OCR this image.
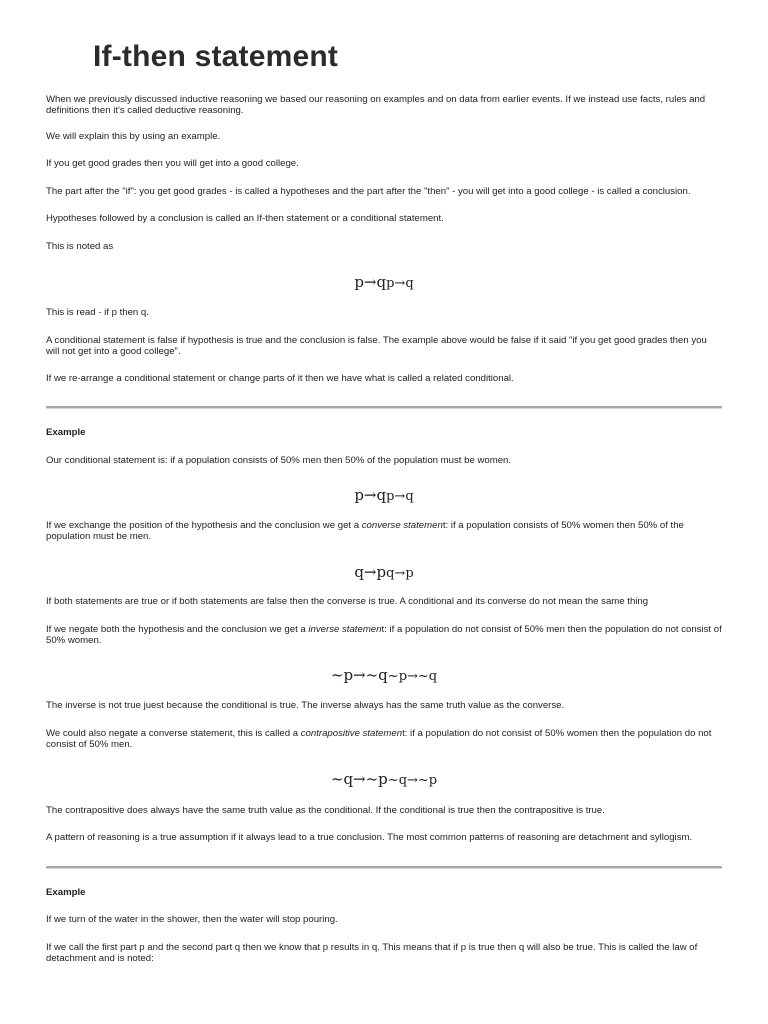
If-then statement

When we previously discussed inductive reasoning we based our reasoning on examples and on data from earlier events. If we instead use facts, rules and definitions then it's called deductive reasoning.

We will explain this by using an example.

If you get good grades then you will get into a good college.

The part after the "if": you get good grades - is called a hypotheses and the part after the "then" - you will get into a good college - is called a conclusion.

Hypotheses followed by a conclusion is called an If-then statement or a conditional statement.

This is noted as

p→qp→q

This is read - if p then q.

A conditional statement is false if hypothesis is true and the conclusion is false. The example above would be false if it said "if you get good grades then you will not get into a good college".

If we re-arrange a conditional statement or change parts of it then we have what is called a related conditional.

Example

Our conditional statement is: if a population consists of 50% men then 50% of the population must be women.

p→qp→q

If we exchange the position of the hypothesis and the conclusion we get a converse statement: if a population consists of 50% women then 50% of the population must be men.

q→pq→p

If both statements are true or if both statements are false then the converse is true. A conditional and its converse do not mean the same thing

If we negate both the hypothesis and the conclusion we get a inverse statement: if a population do not consist of 50% men then the population do not consist of 50% women.

~p→~q~p→~q

The inverse is not true juest because the conditional is true. The inverse always has the same truth value as the converse.

We could also negate a converse statement, this is called a contrapositive statement: if a population do not consist of 50% women then the population do not consist of 50% men.

~q→~p~q→~p

The contrapositive does always have the same truth value as the conditional. If the conditional is true then the contrapositive is true.

A pattern of reasoning is a true assumption if it always lead to a true conclusion. The most common patterns of reasoning are detachment and syllogism.

Example

If we turn of the water in the shower, then the water will stop pouring.

If we call the first part p and the second part q then we know that p results in q. This means that if p is true then q will also be true. This is called the law of detachment and is noted:
